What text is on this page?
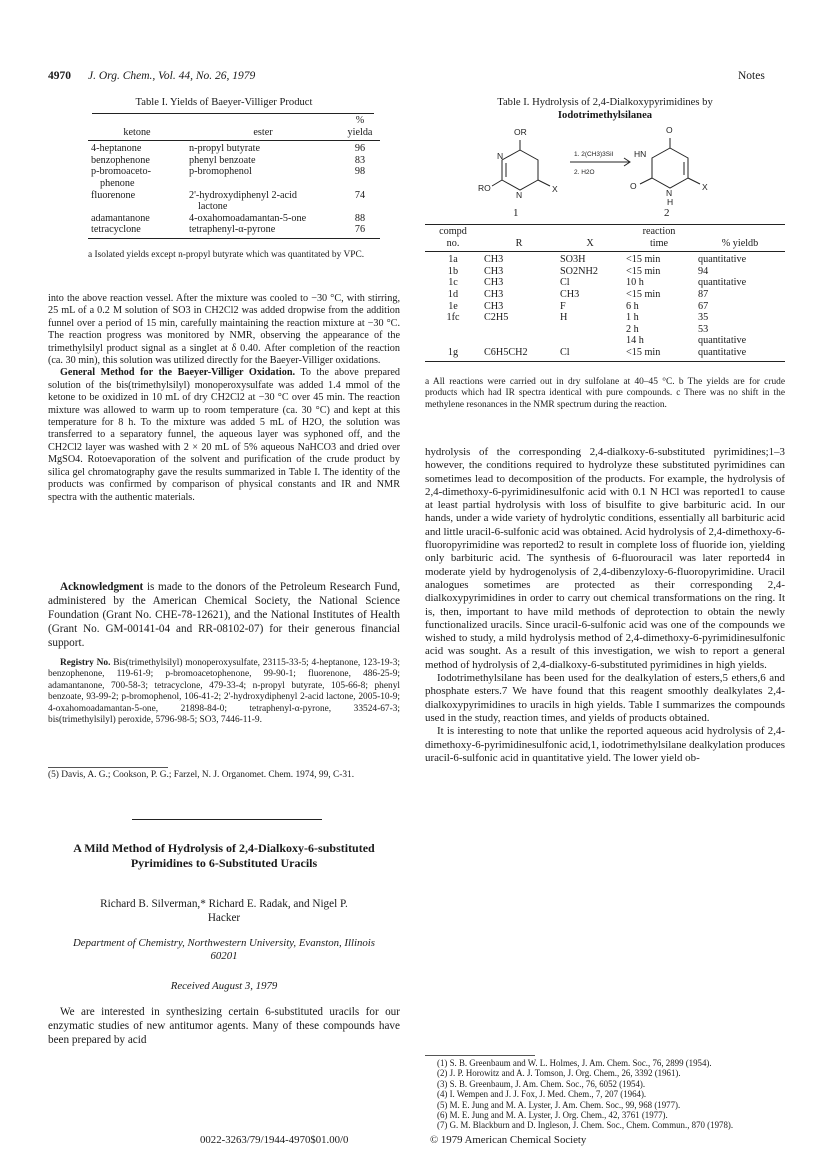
4970 J. Org. Chem., Vol. 44, No. 26, 1979	Notes
Table I. Yields of Baeyer-Villiger Product
		%
ketone	ester	yielda

4-heptanone	n-propyl butyrate	96
benzophenone	phenyl benzoate	83
p-bromoaceto-	p-bromophenol	98
phenone		
fluorenone	2'-hydroxydiphenyl 2-acid	74
	lactone	
adamantanone	4-oxahomoadamantan-5-one	88
tetracyclone	tetraphenyl-α-pyrone	76

a Isolated yields except n-propyl butyrate which was quantitated by VPC.

into the above reaction vessel. After the mixture was cooled to −30 °C, with stirring, 25 mL of a 0.2 M solution of SO3 in CH2Cl2 was added dropwise from the addition funnel over a period of 15 min, carefully maintaining the reaction mixture at −30 °C. The reaction progress was monitored by NMR, observing the appearance of the trimethylsilyl product signal as a singlet at δ 0.40. After completion of the reaction (ca. 30 min), this solution was utilized directly for the Baeyer-Villiger oxidations.

General Method for the Baeyer-Villiger Oxidation. To the above prepared solution of the bis(trimethylsilyl) monoperoxysulfate was added 1.4 mmol of the ketone to be oxidized in 10 mL of dry CH2Cl2 at −30 °C over 45 min. The reaction mixture was allowed to warm up to room temperature (ca. 30 °C) and kept at this temperature for 8 h. To the mixture was added 5 mL of H2O, the solution was transferred to a separatory funnel, the aqueous layer was syphoned off, and the CH2Cl2 layer was washed with 2 × 20 mL of 5% aqueous NaHCO3 and dried over MgSO4. Rotoevaporation of the solvent and purification of the crude product by silica gel chromatography gave the results summarized in Table I. The identity of the products was confirmed by comparison of physical constants and IR and NMR spectra with the authentic materials.

Acknowledgment is made to the donors of the Petroleum Research Fund, administered by the American Chemical Society, the National Science Foundation (Grant No. CHE-78-12621), and the National Institutes of Health (Grant No. GM-00141-04 and RR-08102-07) for their generous financial support.
Registry No. Bis(trimethylsilyl) monoperoxysulfate, 23115-33-5; 4-heptanone, 123-19-3; benzophenone, 119-61-9; p-bromoacetophenone, 99-90-1; fluorenone, 486-25-9; adamantanone, 700-58-3; tetracyclone, 479-33-4; n-propyl butyrate, 105-66-8; phenyl benzoate, 93-99-2; p-bromophenol, 106-41-2; 2'-hydroxydiphenyl 2-acid lactone, 2005-10-9; 4-oxahomoadamantan-5-one, 21898-84-0; tetraphenyl-α-pyrone, 33524-67-3; bis(trimethylsilyl) peroxide, 5796-98-5; SO3, 7446-11-9.
(5) Davis, A. G.; Cookson, P. G.; Farzel, N. J. Organomet. Chem. 1974, 99, C-31.
A Mild Method of Hydrolysis of 2,4-Dialkoxy-6-substituted Pyrimidines to 6-Substituted Uracils
Richard B. Silverman,* Richard E. Radak, and Nigel P. Hacker
Department of Chemistry, Northwestern University, Evanston, Illinois 60201
Received August 3, 1979
We are interested in synthesizing certain 6-substituted uracils for our enzymatic studies of new antitumor agents. Many of these compounds have been prepared by acid
Table I. Hydrolysis of 2,4-Dialkoxypyrimidines by
Iodotrimethylsilanea
OR
N
RO
N
X
1. 2(CH3)3SiI
2. H2O
O
HN
O
N
H
X
1	2
compd			reaction	
no.	R	X	time	% yieldb

1a	CH3	SO3H	<15 min	quantitative
1b	CH3	SO2NH2	<15 min	94
1c	CH3	Cl	10 h	quantitative
1d	CH3	CH3	<15 min	87
1e	CH3	F	6 h	67
1fc	C2H5	H	1 h	35
			2 h	53
			14 h	quantitative
1g	C6H5CH2	Cl	<15 min	quantitative

a All reactions were carried out in dry sulfolane at 40–45 °C. b The yields are for crude products which had IR spectra identical with pure compounds. c There was no shift in the methylene resonances in the NMR spectrum during the reaction.

hydrolysis of the corresponding 2,4-dialkoxy-6-substituted pyrimidines;1–3 however, the conditions required to hydrolyze these substituted pyrimidines can sometimes lead to decomposition of the products. For example, the hydrolysis of 2,4-dimethoxy-6-pyrimidinesulfonic acid with 0.1 N HCl was reported1 to cause at least partial hydrolysis with loss of bisulfite to give barbituric acid. In our hands, under a wide variety of hydrolytic conditions, essentially all barbituric acid and little uracil-6-sulfonic acid was obtained. Acid hydrolysis of 2,4-dimethoxy-6-fluoropyrimidine was reported2 to result in complete loss of fluoride ion, yielding only barbituric acid. The synthesis of 6-fluorouracil was later reported4 in moderate yield by hydrogenolysis of 2,4-dibenzyloxy-6-fluoropyrimidine. Uracil analogues sometimes are protected as their corresponding 2,4-dialkoxypyrimidines in order to carry out chemical transformations on the ring. It is, then, important to have mild methods of deprotection to obtain the newly functionalized uracils. Since uracil-6-sulfonic acid was one of the compounds we wished to study, a mild hydrolysis method of 2,4-dimethoxy-6-pyrimidinesulfonic acid was sought. As a result of this investigation, we wish to report a general method of hydrolysis of 2,4-dialkoxy-6-substituted pyrimidines in high yields.

Iodotrimethylsilane has been used for the dealkylation of esters,5 ethers,6 and phosphate esters.7 We have found that this reagent smoothly dealkylates 2,4-dialkoxypyrimidines to uracils in high yields. Table I summarizes the compounds used in the study, reaction times, and yields of products obtained.

It is interesting to note that unlike the reported aqueous acid hydrolysis of 2,4-dimethoxy-6-pyrimidinesulfonic acid,1, iodotrimethylsilane dealkylation produces uracil-6-sulfonic acid in quantitative yield. The lower yield ob-

(1) S. B. Greenbaum and W. L. Holmes, J. Am. Chem. Soc., 76, 2899 (1954).
(2) J. P. Horowitz and A. J. Tomson, J. Org. Chem., 26, 3392 (1961).
(3) S. B. Greenbaum, J. Am. Chem. Soc., 76, 6052 (1954).
(4) I. Wempen and J. J. Fox, J. Med. Chem., 7, 207 (1964).
(5) M. E. Jung and M. A. Lyster, J. Am. Chem. Soc., 99, 968 (1977).
(6) M. E. Jung and M. A. Lyster, J. Org. Chem., 42, 3761 (1977).
(7) G. M. Blackburn and D. Ingleson, J. Chem. Soc., Chem. Commun., 870 (1978).
0022-3263/79/1944-4970$01.00/0	© 1979 American Chemical Society
